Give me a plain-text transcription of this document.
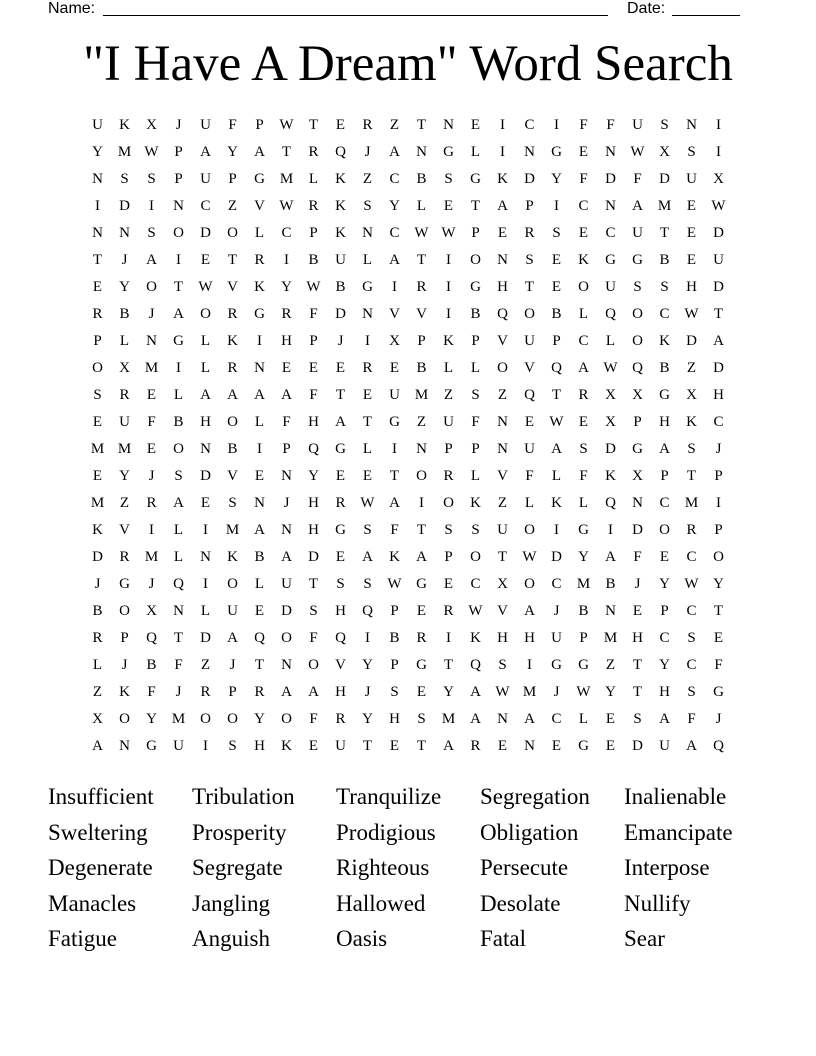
Name:	Date:
"I Have A Dream" Word Search
U	K	X	J	U	F	P	W	T	E	R	Z	T	N	E	I	C	I	F	F	U	S	N	I
Y M W	P	A	Y	A	T	R	Q	J	A	N	G	L	I	N	G	E	N W X	S	I
N	S	S	P	U	P	G M	L	K	Z	C	B	S	G	K	D	Y	F	D	F	D	U	X
I	D	I	N	C	Z	V W R	K	S	Y	L	E	T	A	P	I	C	N	A M	E	W
N	N	S	O	D	O	L	C	P	K	N	C W W	P	E	R	S	E	C	U	T	E	D
T	J	A	I	E	T	R	I	B	U	L	A	T	I	O	N	S	E	K	G	G	B	E	U
E	Y	O	T	W V	K	Y W B	G	I	R	I	G	H	T	E	O	U	S	S	H	D
R	B	J	A	O	R	G	R	F	D	N	V	V	I	B	Q	O	B	L	Q	O	C W	T
P	L	N	G	L	K	I	H	P	J	I	X	P	K	P	V	U	P	C	L	O	K	D	A
O	X M	I	L	R	N	E	E	E	R	E	B	L	L	O	V	Q	A W Q	B	Z	D
S	R	E	L	A	A	A	A	F	T	E	U M	Z	S	Z	Q	T	R	X	X	G	X	H
E	U	F	B	H	O	L	F	H	A	T	G	Z	U	F	N	E	W	E	X	P	H	K	C
M M	E	O	N	B	I	P	Q	G	L	I	N	P	P	N	U	A	S	D	G	A	S	J
E	Y	J	S	D	V	E	N	Y	E	E	T	O	R	L	V	F	L	F	K	X	P	T	P
M	Z	R	A	E	S	N	J	H	R W A	I	O	K	Z	L	K	L	Q	N	C	M	I
K	V	I	L	I	M A	N	H	G	S	F	T	S	S	U	O	I	G	I	D	O	R	P
D	R	M	L	N	K	B	A	D	E	A	K	A	P	O	T	W D	Y	A	F	E	C	O
J	G	J	Q	I	O	L	U	T	S	S	W G	E	C	X	O	C	M	B	J	Y W Y
B	O	X	N	L	U	E	D	S	H	Q	P	E	R W V	A	J	B	N	E	P	C	T
R	P	Q	T	D	A	Q	O	F	Q	I	B	R	I	K	H	H	U	P	M H	C	S	E
L	J	B	F	Z	J	T	N	O	V	Y	P	G	T	Q	S	I	G	G	Z	T	Y	C	F
Z	K	F	J	R	P	R	A	A	H	J	S	E	Y	A W M	J	W Y	T	H	S	G
X	O	Y M O	O	Y	O	F	R	Y	H	S	M A	N	A	C	L	E	S	A	F	J
A	N	G	U	I	S	H	K	E	U	T	E	T	A	R	E	N	E	G	E	D	U	A	Q
Insufficient	Tribulation	Tranquilize	Segregation	Inalienable
Sweltering	Prosperity	Prodigious	Obligation	Emancipate
Degenerate	Segregate	Righteous	Persecute	Interpose
Manacles	Jangling	Hallowed	Desolate	Nullify
Fatigue	Anguish	Oasis	Fatal	Sear
